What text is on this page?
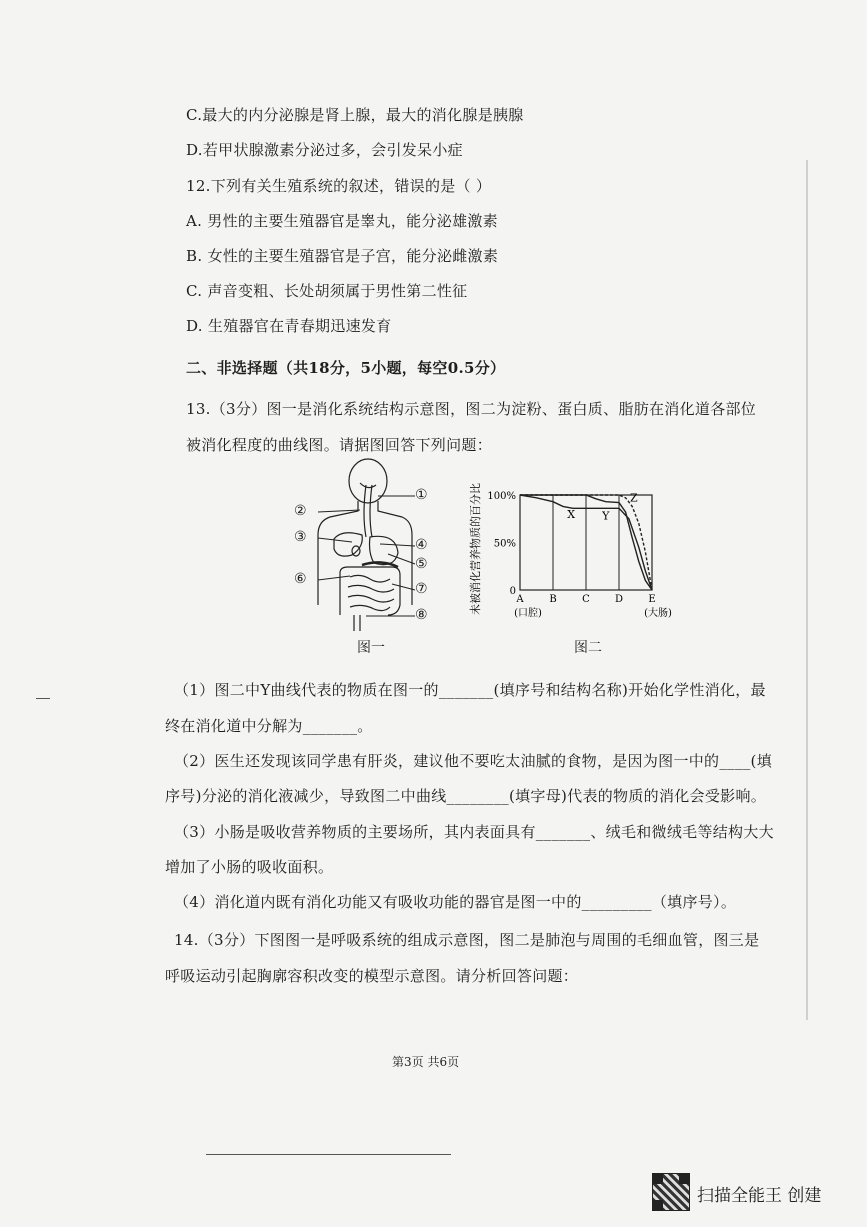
C.最大的内分泌腺是肾上腺，最大的消化腺是胰腺
D.若甲状腺激素分泌过多，会引发呆小症
12.下列有关生殖系统的叙述，错误的是（ ）
A. 男性的主要生殖器官是睾丸，能分泌雄激素
B. 女性的主要生殖器官是子宫，能分泌雌激素
C. 声音变粗、长处胡须属于男性第二性征
D. 生殖器官在青春期迅速发育
二、非选择题（共18分，5小题，每空0.5分）
13.（3分）图一是消化系统结构示意图，图二为淀粉、蛋白质、脂肪在消化道各部位
被消化程度的曲线图。请据图回答下列问题：
①
②
③	④
⑤
⑥
⑦
⑧
图一
未被消化营养物质的百分比 100%
50%
0
A	B	C	D	E
(口腔)	(大肠)
X Y
Z
图二
（1）图二中Y曲线代表的物质在图一的_______(填序号和结构名称)开始化学性消化，最
终在消化道中分解为_______。
（2）医生还发现该同学患有肝炎，建议他不要吃太油腻的食物，是因为图一中的____(填
序号)分泌的消化液减少，导致图二中曲线________(填字母)代表的物质的消化会受影响。
（3）小肠是吸收营养物质的主要场所，其内表面具有_______、绒毛和微绒毛等结构大大
增加了小肠的吸收面积。
（4）消化道内既有消化功能又有吸收功能的器官是图一中的_________（填序号）。
14.（3分）下图图一是呼吸系统的组成示意图，图二是肺泡与周围的毛细血管，图三是
呼吸运动引起胸廓容积改变的模型示意图。请分析回答问题：
第3页 共6页
扫描全能王 创建
